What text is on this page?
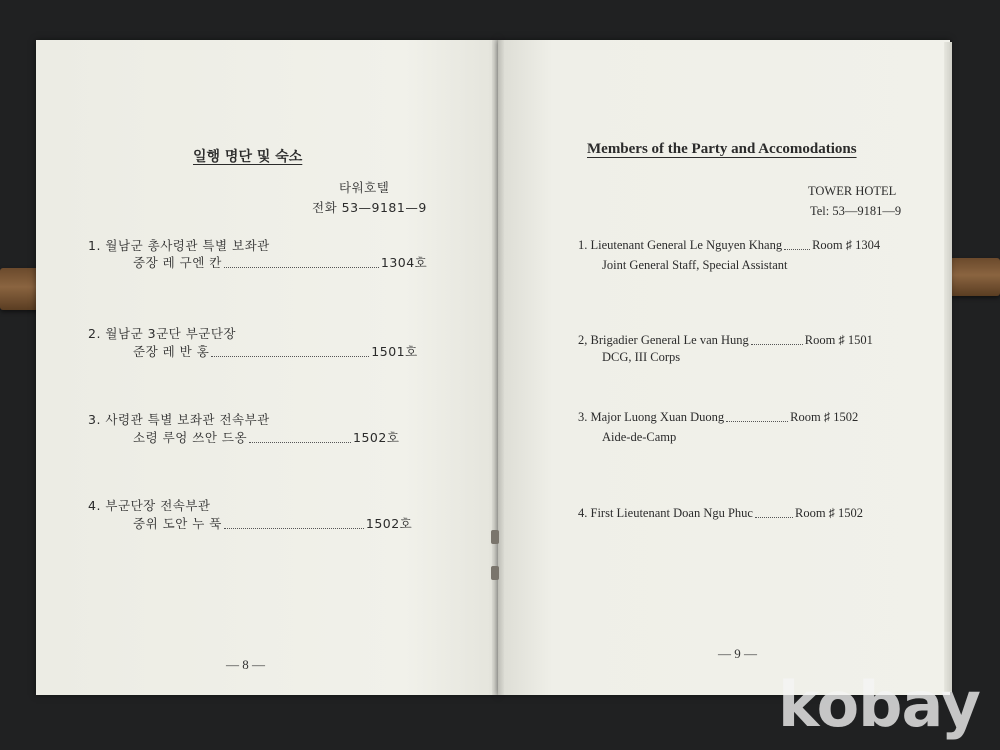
일행 명단 및 숙소
타워호텔
전화 53—9181—9
1. 월남군 총사령관 특별 보좌관
중장 레 구엔 칸	1304호
2. 월남군 3군단 부군단장
준장 레 반 홍	1501호
3. 사령관 특별 보좌관 전속부관
소령 루엉 쓰안 드옹	1502호
4. 부군단장 전속부관
중위 도안 누 푹	1502호
— 8 —
Members of the Party and Accomodations
TOWER HOTEL
Tel: 53—9181—9
1. Lieutenant General Le Nguyen Khang Room ♯ 1304
Joint General Staff, Special Assistant
2, Brigadier General Le van Hung	Room ♯ 1501
DCG, III Corps
3. Major Luong Xuan Duong	Room ♯ 1502
Aide-de-Camp
4. First Lieutenant Doan Ngu Phuc	Room ♯ 1502
— 9 —
kobay
